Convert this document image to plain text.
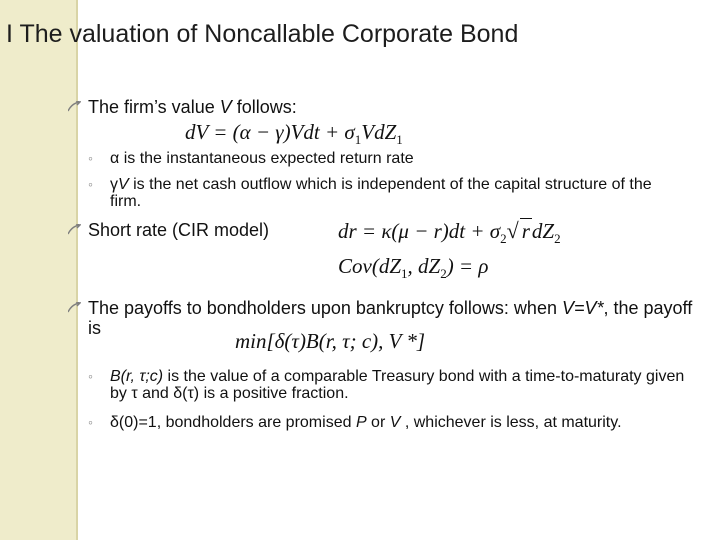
I The valuation of Noncallable Corporate Bond
The firm’s value V follows:
dV = $(\alpha - \gamma)Vdt + \sigma_1VdZ_1$
◦ α is the instantaneous expected return rate
◦ γV is the net cash outflow which is independent of the capital structure of the firm.
Short rate (CIR model)	dr = $\kappa(\mu - r)dt + \sigma_2√$ rdZ$_2$
$Cov(dZ_1$, $dZ_2) = \rho$
The payoffs to bondholders upon bankruptcy follows: when V=V*, the payoff is
min[δ(τ)B(r, τ; c), V *]
◦ B(r, τ;c) is the value of a comparable Treasury bond with a time-to-maturaty given by τ and δ(τ) is a positive fraction.
◦ δ(0)=1, bondholders are promised P or V , whichever is less, at maturity.
